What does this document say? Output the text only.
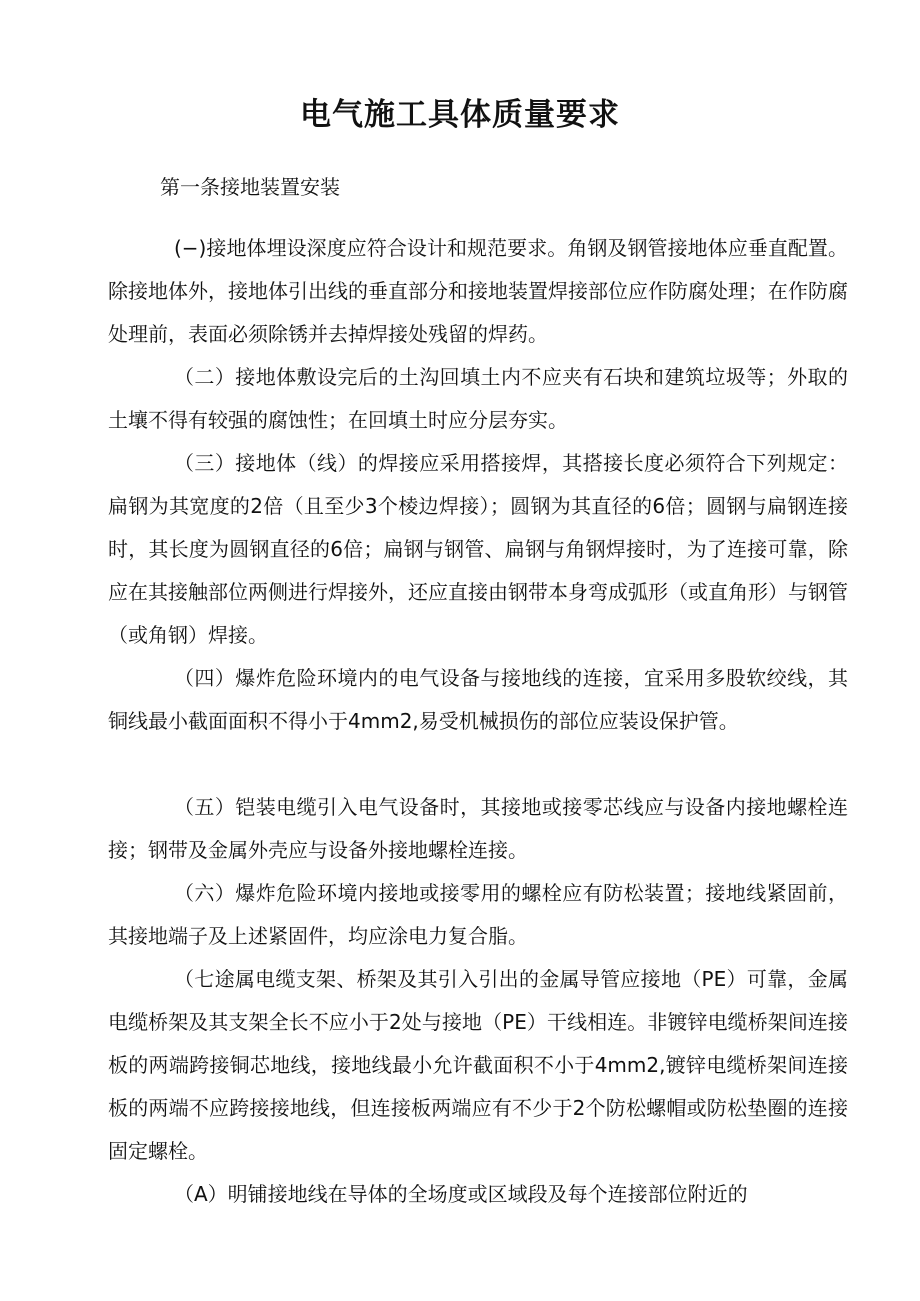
电气施工具体质量要求
第一条接地装置安装

(−)接地体埋设深度应符合设计和规范要求。角钢及钢管接地体应垂直配置。除接地体外，接地体引出线的垂直部分和接地装置焊接部位应作防腐处理；在作防腐处理前，表面必须除锈并去掉焊接处残留的焊药。

（二）接地体敷设完后的土沟回填土内不应夹有石块和建筑垃圾等；外取的土壤不得有较强的腐蚀性；在回填土时应分层夯实。

（三）接地体（线）的焊接应采用搭接焊，其搭接长度必须符合下列规定：扁钢为其宽度的2倍（且至少3个棱边焊接）；圆钢为其直径的6倍；圆钢与扁钢连接时，其长度为圆钢直径的6倍；扁钢与钢管、扁钢与角钢焊接时，为了连接可靠，除应在其接触部位两侧进行焊接外，还应直接由钢带本身弯成弧形（或直角形）与钢管（或角钢）焊接。

（四）爆炸危险环境内的电气设备与接地线的连接，宜采用多股软绞线，其铜线最小截面面积不得小于4mm2,易受机械损伤的部位应装设保护管。

（五）铠装电缆引入电气设备时，其接地或接零芯线应与设备内接地螺栓连接；钢带及金属外壳应与设备外接地螺栓连接。

（六）爆炸危险环境内接地或接零用的螺栓应有防松装置；接地线紧固前，其接地端子及上述紧固件，均应涂电力复合脂。

（七途属电缆支架、桥架及其引入引出的金属导管应接地（PE）可靠，金属电缆桥架及其支架全长不应小于2处与接地（PE）干线相连。非镀锌电缆桥架间连接板的两端跨接铜芯地线，接地线最小允许截面积不小于4mm2,镀锌电缆桥架间连接板的两端不应跨接接地线，但连接板两端应有不少于2个防松螺帽或防松垫圈的连接固定螺栓。

（A）明铺接地线在导体的全场度或区域段及每个连接部位附近的
